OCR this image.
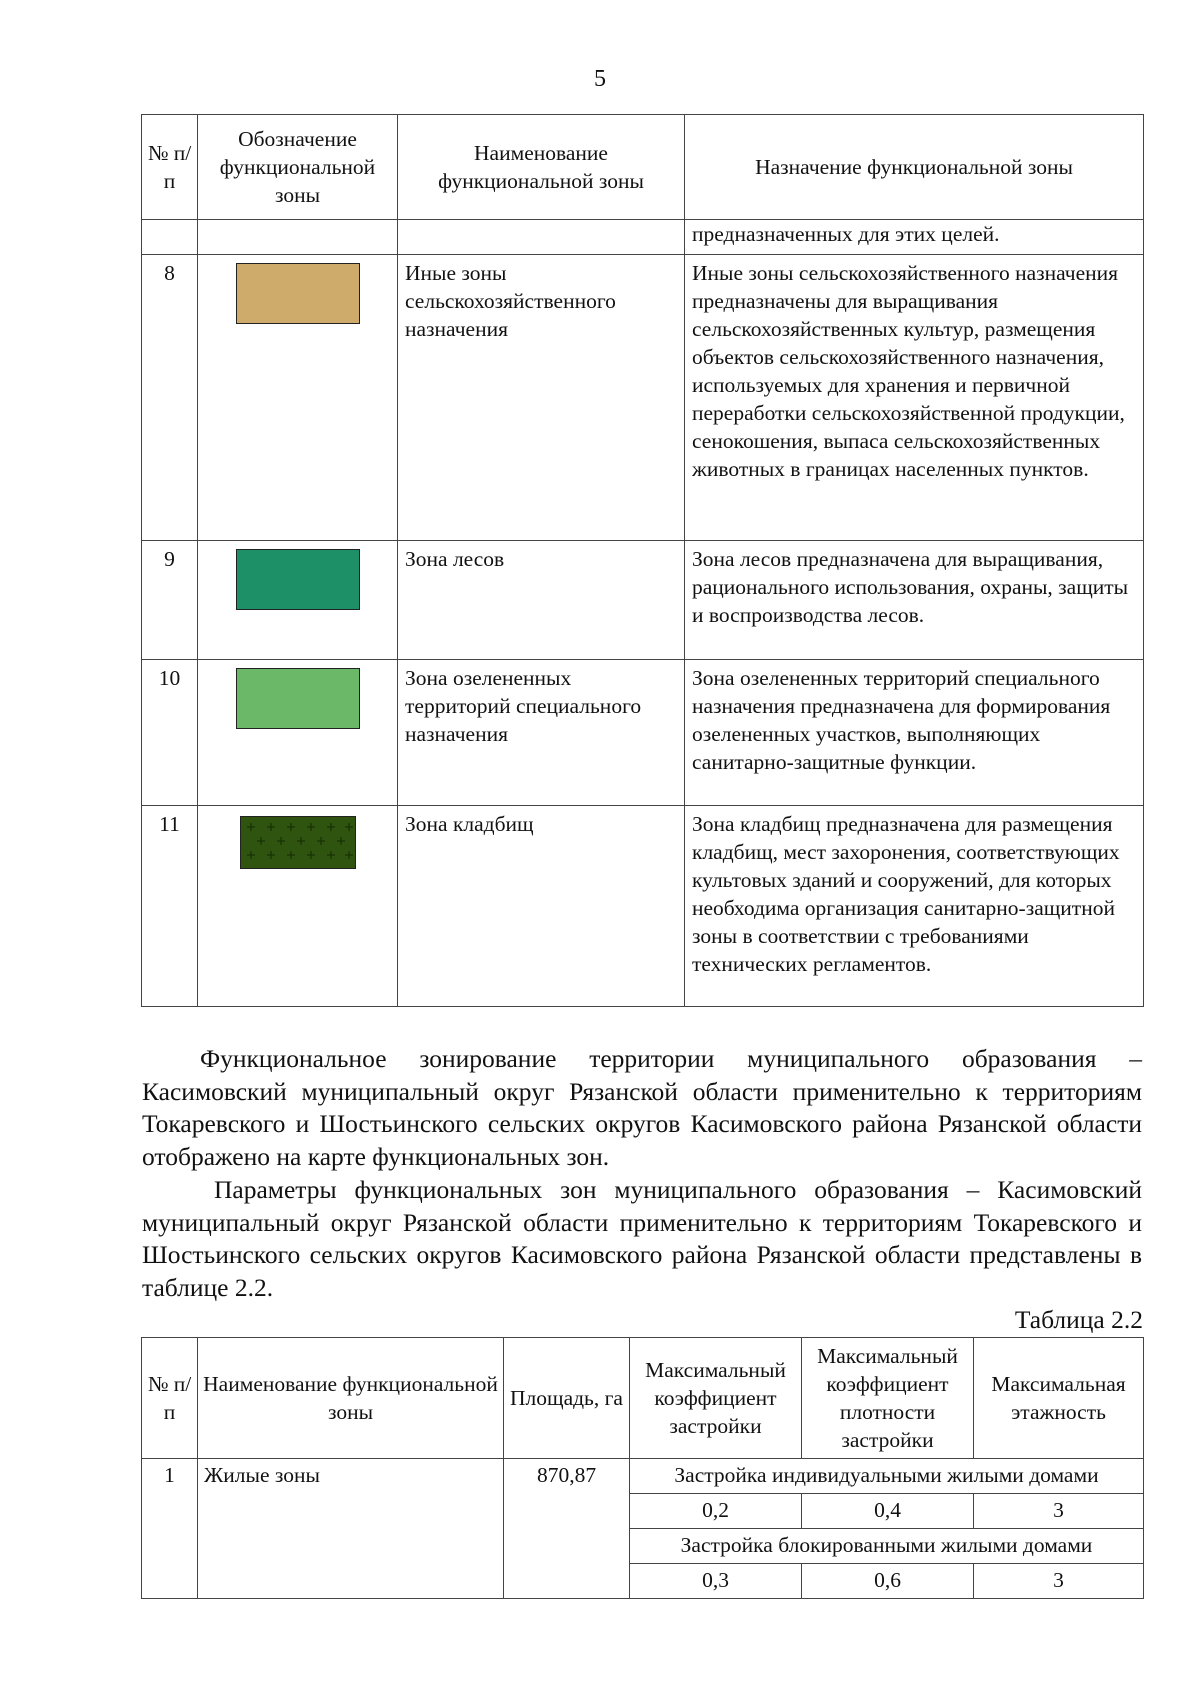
5
№ п/п	Обозначение функциональной зоны	Наименование функциональной зоны	Назначение функциональной зоны
			предназначенных для этих целей.
8		Иные зоны сельскохозяйственного назначения	Иные зоны сельскохозяйственного назначения предназначены для выращивания сельскохозяйственных культур, размещения объектов сельскохозяйственного назначения, используемых для хранения и первичной переработки сельскохозяйственной продукции, сенокошения, выпаса сельскохозяйственных животных в границах населенных пунктов.
9		Зона лесов	Зона лесов предназначена для выращивания, рационального использования, охраны, защиты и воспроизводства лесов.
10		Зона озелененных территорий специального назначения	Зона озелененных территорий специального назначения предназначена для формирования озелененных участков, выполняющих санитарно-защитные функции.
11		Зона кладбищ	Зона кладбищ предназначена для размещения кладбищ, мест захоронения, соответствующих культовых зданий и сооружений, для которых необходима организация санитарно-защитной зоны в соответствии с требованиями технических регламентов.

Функциональное зонирование территории муниципального образования – Касимовский муниципальный округ Рязанской области применительно к территориям Токаревского и Шостьинского сельских округов Касимовского района Рязанской области отображено на карте функциональных зон.

Параметры функциональных зон муниципального образования – Касимовский муниципальный округ Рязанской области применительно к территориям Токаревского и Шостьинского сельских округов Касимовского района Рязанской области представлены в таблице 2.2.

Таблица 2.2
№ п/п	Наименование функциональной зоны	Площадь, га	Максимальный коэффициент застройки	Максимальный коэффициент плотности застройки	Максимальная этажность
1	Жилые зоны	870,87	Застройка индивидуальными жилыми домами		
			0,2	0,4	3
			Застройка блокированными жилыми домами		
			0,3	0,6	3
